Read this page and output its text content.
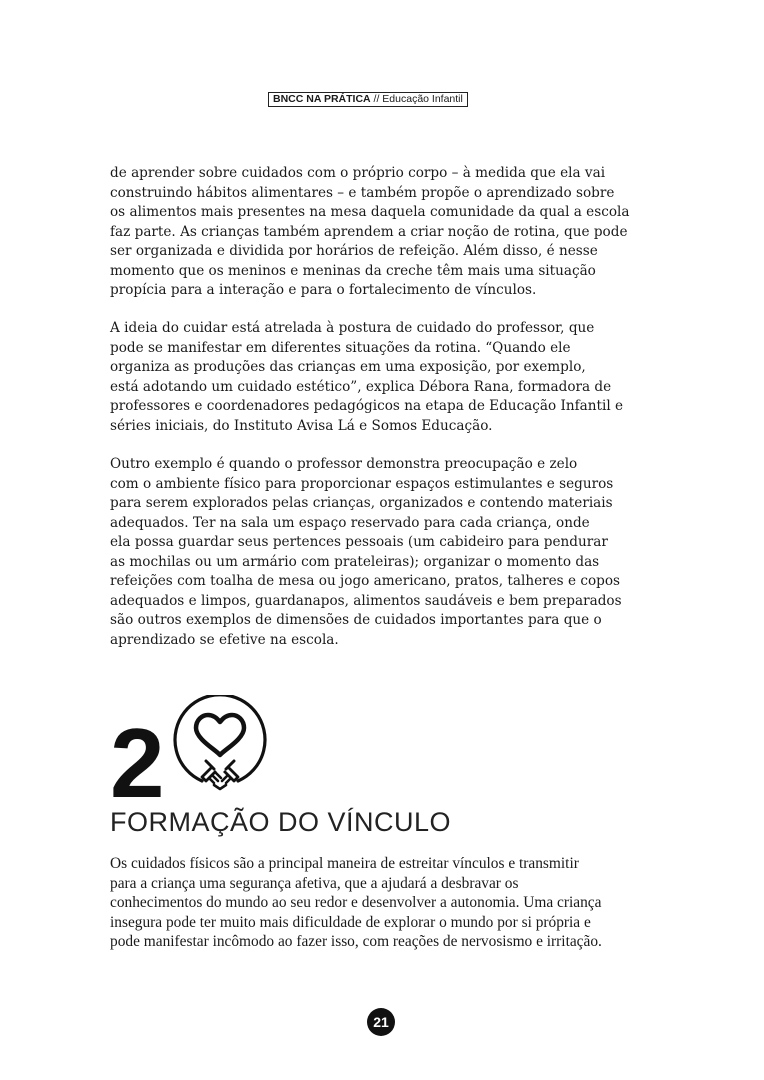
BNCC NA PRÁTICA // Educação Infantil

de aprender sobre cuidados com o próprio corpo – à medida que ela vai
construindo hábitos alimentares – e também propõe o aprendizado sobre
os alimentos mais presentes na mesa daquela comunidade da qual a escola
faz parte. As crianças também aprendem a criar noção de rotina, que pode
ser organizada e dividida por horários de refeição. Além disso, é nesse
momento que os meninos e meninas da creche têm mais uma situação
propícia para a interação e para o fortalecimento de vínculos.

A ideia do cuidar está atrelada à postura de cuidado do professor, que
pode se manifestar em diferentes situações da rotina. “Quando ele
organiza as produções das crianças em uma exposição, por exemplo,
está adotando um cuidado estético”, explica Débora Rana, formadora de
professores e coordenadores pedagógicos na etapa de Educação Infantil e
séries iniciais, do Instituto Avisa Lá e Somos Educação.

Outro exemplo é quando o professor demonstra preocupação e zelo
com o ambiente físico para proporcionar espaços estimulantes e seguros
para serem explorados pelas crianças, organizados e contendo materiais
adequados. Ter na sala um espaço reservado para cada criança, onde
ela possa guardar seus pertences pessoais (um cabideiro para pendurar
as mochilas ou um armário com prateleiras); organizar o momento das
refeições com toalha de mesa ou jogo americano, pratos, talheres e copos
adequados e limpos, guardanapos, alimentos saudáveis e bem preparados
são outros exemplos de dimensões de cuidados importantes para que o
aprendizado se efetive na escola.

2
FORMAÇÃO DO VÍNCULO

Os cuidados físicos são a principal maneira de estreitar vínculos e transmitir
para a criança uma segurança afetiva, que a ajudará a desbravar os
conhecimentos do mundo ao seu redor e desenvolver a autonomia. Uma criança
insegura pode ter muito mais dificuldade de explorar o mundo por si própria e
pode manifestar incômodo ao fazer isso, com reações de nervosismo e irritação.

21
